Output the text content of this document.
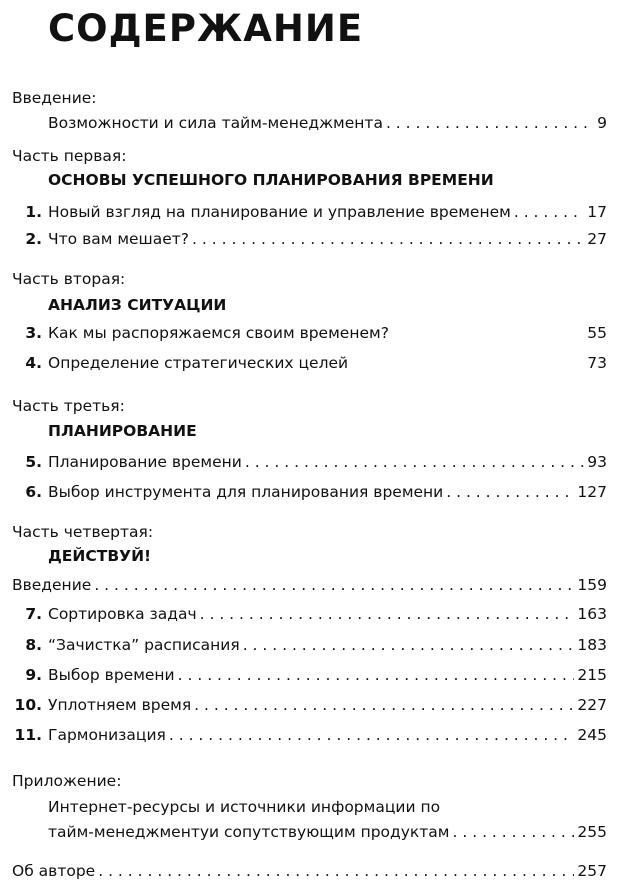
СОДЕРЖАНИЕ
Введение:
Возможности и сила тайм-менеджмента . . .	9
Часть первая:
ОСНОВЫ УСПЕШНОГО ПЛАНИРОВАНИЯ ВРЕМЕНИ
1. Новый взгляд на планирование и управление временем . . .	17
2. Что вам мешает? . . .	27
Часть вторая:
АНАЛИЗ СИТУАЦИИ
3. Как мы распоряжаемся своим временем?	55
4. Определение стратегических целей	73
Часть третья:
ПЛАНИРОВАНИЕ
5. Планирование времени . . .	93
6. Выбор инструмента для планирования времени . . .	127
Часть четвертая:
ДЕЙСТВУЙ!
Введение . . .	159
7. Сортировка задач . . .	163
8. “Зачистка” расписания . . .	183
9. Выбор времени . . .	215
10. Уплотняем время . . .	227
11. Гармонизация . . .	245
Приложение:
Интернет-ресурсы и источники информации по
тайм-менеджментуи сопутствующим продуктам . . .	255
Об авторе . . .	257
